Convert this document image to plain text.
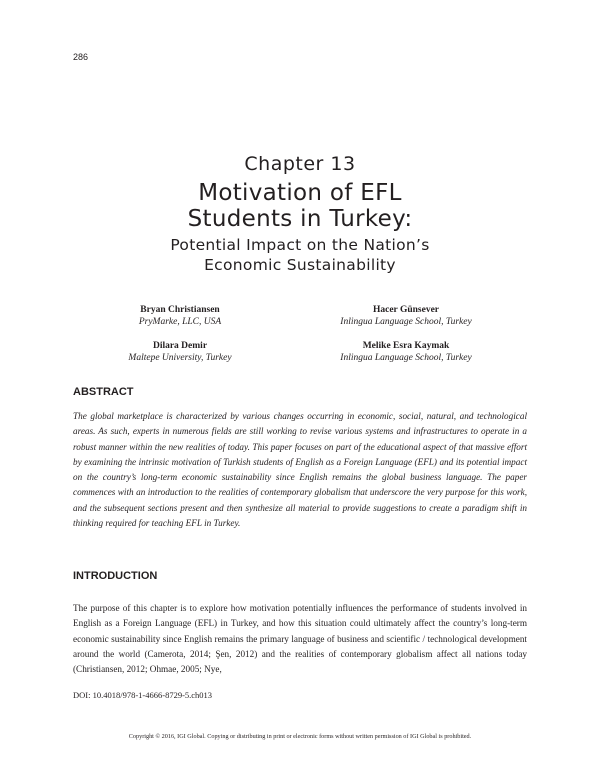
286
Chapter 13
Motivation of EFL
Students in Turkey:
Potential Impact on the Nation’s
Economic Sustainability
Bryan Christiansen
PryMarke, LLC, USA
Hacer Günsever
Inlingua Language School, Turkey
Dilara Demir
Maltepe University, Turkey
Melike Esra Kaymak
Inlingua Language School, Turkey
ABSTRACT

The global marketplace is characterized by various changes occurring in economic, social, natural, and technological areas. As such, experts in numerous fields are still working to revise various systems and infrastructures to operate in a robust manner within the new realities of today. This paper focuses on part of the educational aspect of that massive effort by examining the intrinsic motivation of Turkish students of English as a Foreign Language (EFL) and its potential impact on the country’s long-term economic sustainability since English remains the global business language. The paper commences with an introduction to the realities of contemporary globalism that underscore the very purpose for this work, and the subsequent sections present and then synthesize all material to provide suggestions to create a paradigm shift in thinking required for teaching EFL in Turkey.

INTRODUCTION

The purpose of this chapter is to explore how motivation potentially influences the performance of students involved in English as a Foreign Language (EFL) in Turkey, and how this situation could ultimately affect the country’s long-term economic sustainability since English remains the primary language of business and scientific / technological development around the world (Camerota, 2014; Şen, 2012) and the realities of contemporary globalism affect all nations today (Christiansen, 2012; Ohmae, 2005; Nye,

DOI: 10.4018/978-1-4666-8729-5.ch013
Copyright © 2016, IGI Global. Copying or distributing in print or electronic forms without written permission of IGI Global is prohibited.
